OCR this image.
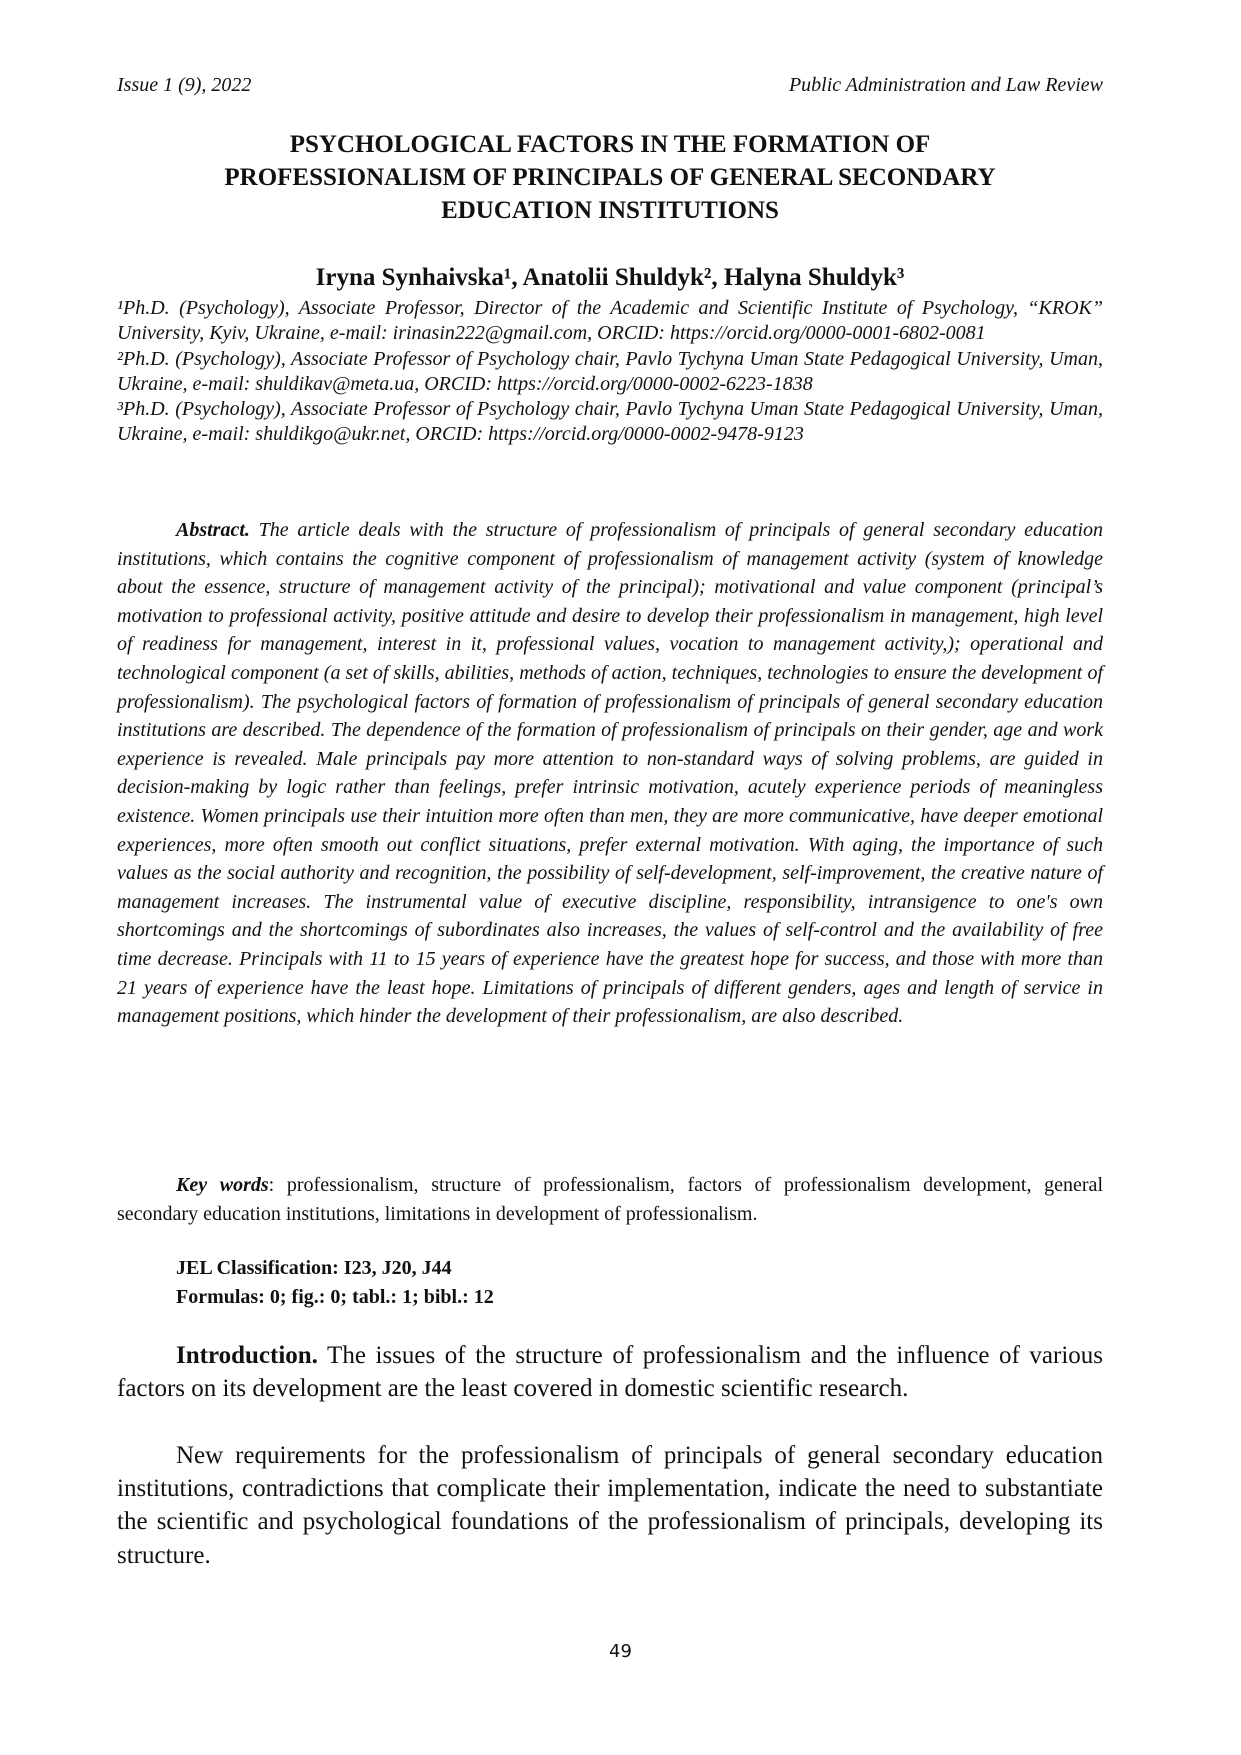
Issue 1 (9), 2022	Public Administration and Law Review
PSYCHOLOGICAL FACTORS IN THE FORMATION OF
PROFESSIONALISM OF PRINCIPALS OF GENERAL SECONDARY
EDUCATION INSTITUTIONS
Iryna Synhaivska¹, Anatolii Shuldyk², Halyna Shuldyk³

¹Ph.D. (Psychology), Associate Professor, Director of the Academic and Scientific Institute of Psychology, “KROK” University, Kyiv, Ukraine, e-mail: irinasin222@gmail.com, ORCID: https://orcid.org/0000-0001-6802-0081

²Ph.D. (Psychology), Associate Professor of Psychology chair, Pavlo Tychyna Uman State Pedagogical University, Uman, Ukraine, e-mail: shuldikav@meta.ua, ORCID: https://orcid.org/0000-0002-6223-1838

³Ph.D. (Psychology), Associate Professor of Psychology chair, Pavlo Tychyna Uman State Pedagogical University, Uman, Ukraine, e-mail: shuldikgo@ukr.net, ORCID: https://orcid.org/0000-0002-9478-9123

Abstract. The article deals with the structure of professionalism of principals of general secondary education institutions, which contains the cognitive component of professionalism of management activity (system of knowledge about the essence, structure of management activity of the principal); motivational and value component (principal’s motivation to professional activity, positive attitude and desire to develop their professionalism in management, high level of readiness for management, interest in it, professional values, vocation to management activity,); operational and technological component (a set of skills, abilities, methods of action, techniques, technologies to ensure the development of professionalism). The psychological factors of formation of professionalism of principals of general secondary education institutions are described. The dependence of the formation of professionalism of principals on their gender, age and work experience is revealed. Male principals pay more attention to non-standard ways of solving problems, are guided in decision-making by logic rather than feelings, prefer intrinsic motivation, acutely experience periods of meaningless existence. Women principals use their intuition more often than men, they are more communicative, have deeper emotional experiences, more often smooth out conflict situations, prefer external motivation. With aging, the importance of such values as the social authority and recognition, the possibility of self-development, self-improvement, the creative nature of management increases. The instrumental value of executive discipline, responsibility, intransigence to one's own shortcomings and the shortcomings of subordinates also increases, the values of self-control and the availability of free time decrease. Principals with 11 to 15 years of experience have the greatest hope for success, and those with more than 21 years of experience have the least hope. Limitations of principals of different genders, ages and length of service in management positions, which hinder the development of their professionalism, are also described.

Key words: professionalism, structure of professionalism, factors of professionalism development, general secondary education institutions, limitations in development of professionalism.

JEL Classification: I23, J20, J44
Formulas: 0; fig.: 0; tabl.: 1; bibl.: 12

Introduction. The issues of the structure of professionalism and the influence of various factors on its development are the least covered in domestic scientific research.

New requirements for the professionalism of principals of general secondary education institutions, contradictions that complicate their implementation, indicate the need to substantiate the scientific and psychological foundations of the professionalism of principals, developing its structure.

49
